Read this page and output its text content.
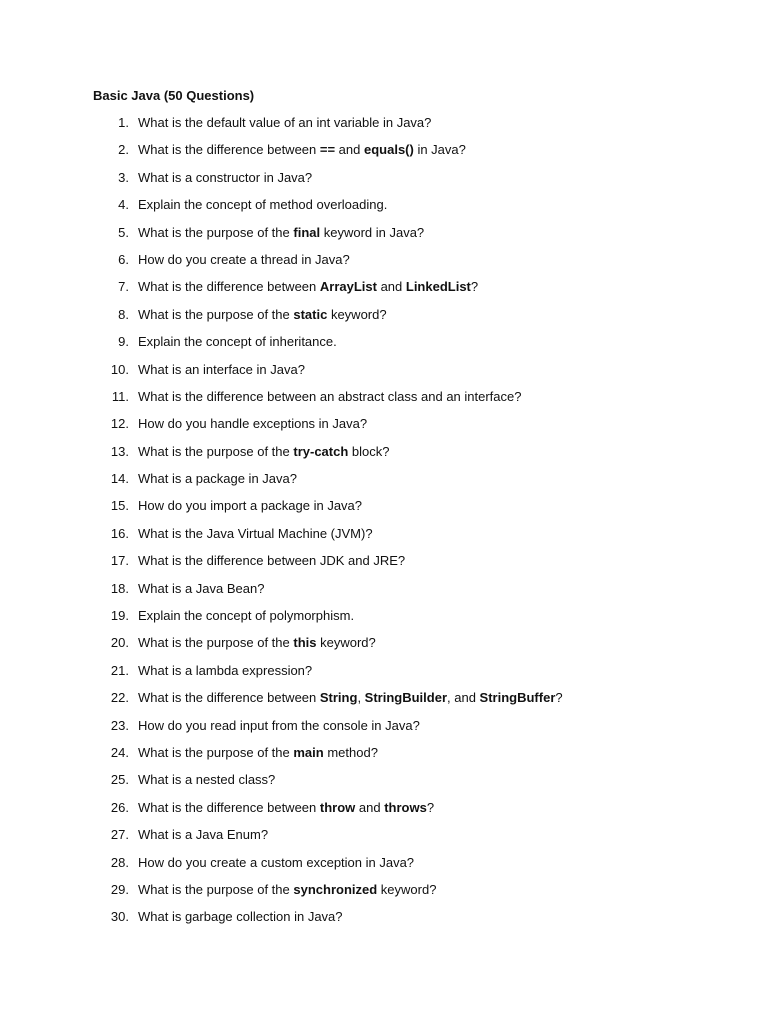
Basic Java (50 Questions)
1. What is the default value of an int variable in Java?
2. What is the difference between == and equals() in Java?
3. What is a constructor in Java?
4. Explain the concept of method overloading.
5. What is the purpose of the final keyword in Java?
6. How do you create a thread in Java?
7. What is the difference between ArrayList and LinkedList?
8. What is the purpose of the static keyword?
9. Explain the concept of inheritance.
10. What is an interface in Java?
11. What is the difference between an abstract class and an interface?
12. How do you handle exceptions in Java?
13. What is the purpose of the try-catch block?
14. What is a package in Java?
15. How do you import a package in Java?
16. What is the Java Virtual Machine (JVM)?
17. What is the difference between JDK and JRE?
18. What is a Java Bean?
19. Explain the concept of polymorphism.
20. What is the purpose of the this keyword?
21. What is a lambda expression?
22. What is the difference between String, StringBuilder, and StringBuffer?
23. How do you read input from the console in Java?
24. What is the purpose of the main method?
25. What is a nested class?
26. What is the difference between throw and throws?
27. What is a Java Enum?
28. How do you create a custom exception in Java?
29. What is the purpose of the synchronized keyword?
30. What is garbage collection in Java?
